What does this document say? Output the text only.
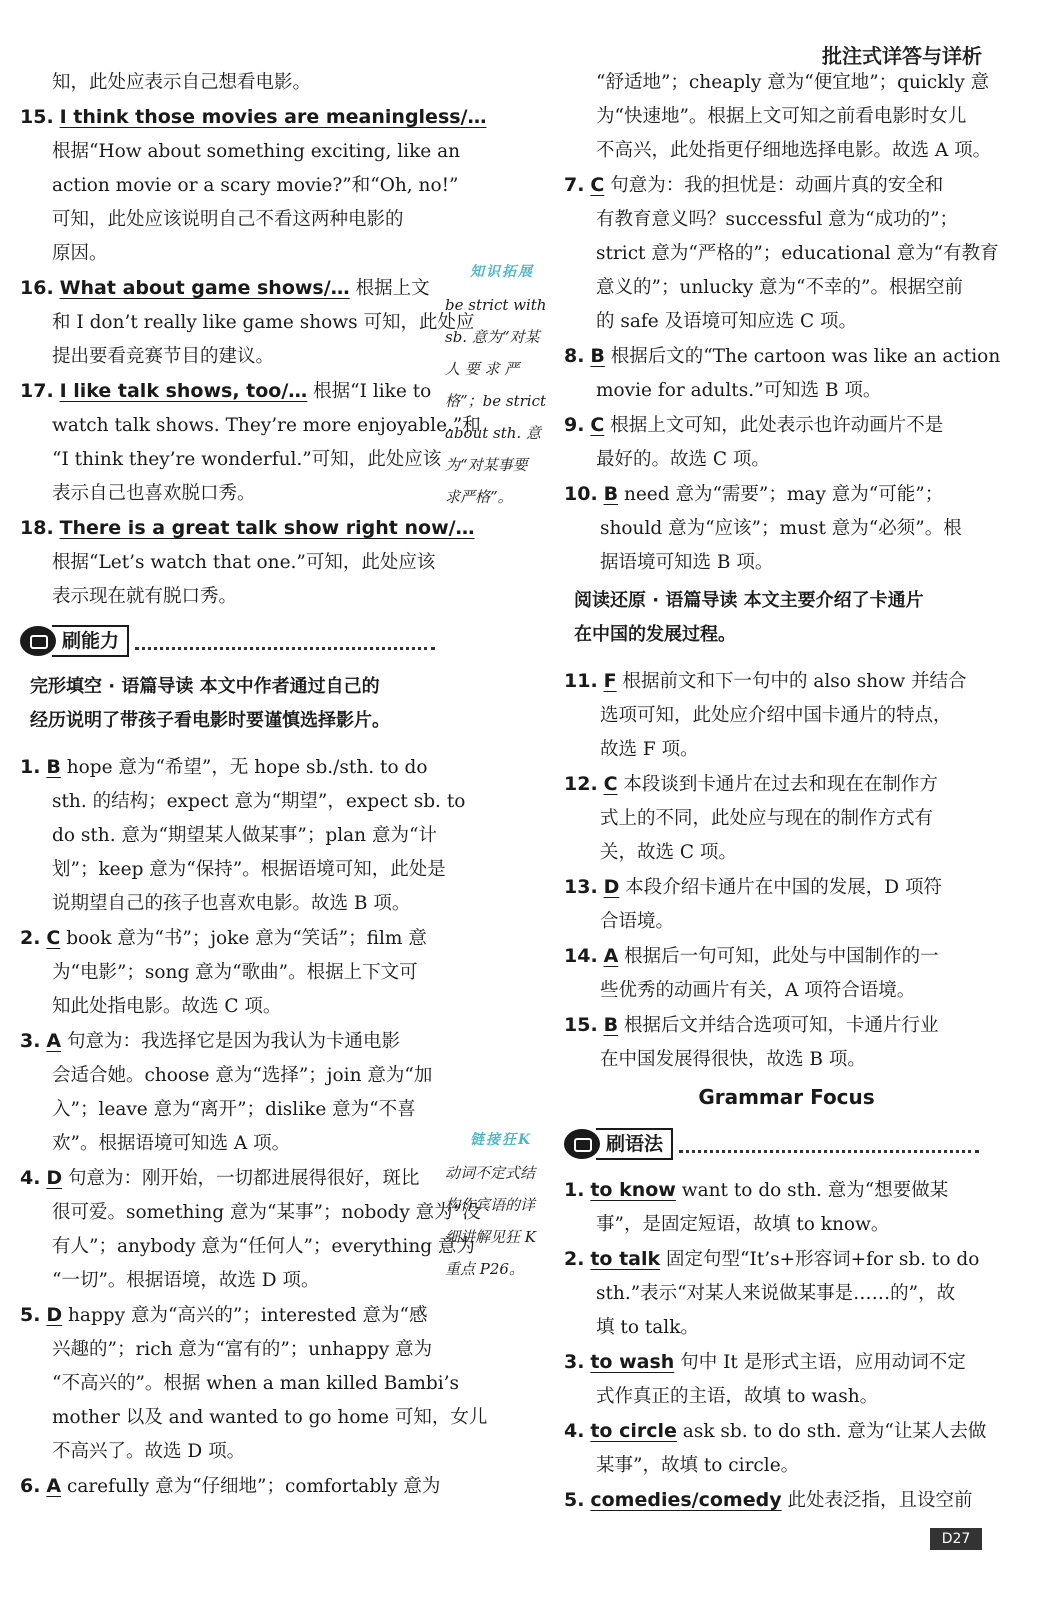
批注式详答与详析
知，此处应表示自己想看电影。
15. I think those movies are meaningless/…
根据“How about something exciting, like an
action movie or a scary movie?”和“Oh, no!”
可知，此处应该说明自己不看这两种电影的
原因。
16. What about game shows/… 根据上文
和 I don’t really like game shows 可知，此处应
提出要看竞赛节目的建议。
17. I like talk shows, too/… 根据“I like to
watch talk shows. They’re more enjoyable.”和
“I think they’re wonderful.”可知，此处应该
表示自己也喜欢脱口秀。
18. There is a great talk show right now/…
根据“Let’s watch that one.”可知，此处应该
表示现在就有脱口秀。
刷能力
完形填空 · 语篇导读 本文中作者通过自己的
经历说明了带孩子看电影时要谨慎选择影片。
1. B hope 意为“希望”，无 hope sb./sth. to do
sth. 的结构；expect 意为“期望”，expect sb. to
do sth. 意为“期望某人做某事”；plan 意为“计
划”；keep 意为“保持”。根据语境可知，此处是
说期望自己的孩子也喜欢电影。故选 B 项。
2. C book 意为“书”；joke 意为“笑话”；film 意
为“电影”；song 意为“歌曲”。根据上下文可
知此处指电影。故选 C 项。
3. A 句意为：我选择它是因为我认为卡通电影
会适合她。choose 意为“选择”；join 意为“加
入”；leave 意为“离开”；dislike 意为“不喜
欢”。根据语境可知选 A 项。
4. D 句意为：刚开始，一切都进展得很好，斑比
很可爱。something 意为“某事”；nobody 意为“没
有人”；anybody 意为“任何人”；everything 意为
“一切”。根据语境，故选 D 项。
5. D happy 意为“高兴的”；interested 意为“感
兴趣的”；rich 意为“富有的”；unhappy 意为
“不高兴的”。根据 when a man killed Bambi’s
mother 以及 and wanted to go home 可知，女儿
不高兴了。故选 D 项。
6. A carefully 意为“仔细地”；comfortably 意为
知识拓展
be strict with
sb. 意为“对某
人 要 求 严
格”；be strict
about sth. 意
为“对某事要
求严格”。
链接狂K
动词不定式结
构作宾语的详
细讲解见狂 K
重点 P26。
“舒适地”；cheaply 意为“便宜地”；quickly 意
为“快速地”。根据上文可知之前看电影时女儿
不高兴，此处指更仔细地选择电影。故选 A 项。
7. C 句意为：我的担忧是：动画片真的安全和
有教育意义吗？successful 意为“成功的”；
strict 意为“严格的”；educational 意为“有教育
意义的”；unlucky 意为“不幸的”。根据空前
的 safe 及语境可知应选 C 项。
8. B 根据后文的“The cartoon was like an action
movie for adults.”可知选 B 项。
9. C 根据上文可知，此处表示也许动画片不是
最好的。故选 C 项。
10. B need 意为“需要”；may 意为“可能”；
should 意为“应该”；must 意为“必须”。根
据语境可知选 B 项。
阅读还原 · 语篇导读 本文主要介绍了卡通片
在中国的发展过程。
11. F 根据前文和下一句中的 also show 并结合
选项可知，此处应介绍中国卡通片的特点，
故选 F 项。
12. C 本段谈到卡通片在过去和现在在制作方
式上的不同，此处应与现在的制作方式有
关，故选 C 项。
13. D 本段介绍卡通片在中国的发展，D 项符
合语境。
14. A 根据后一句可知，此处与中国制作的一
些优秀的动画片有关，A 项符合语境。
15. B 根据后文并结合选项可知，卡通片行业
在中国发展得很快，故选 B 项。
Grammar Focus
刷语法
1. to know want to do sth. 意为“想要做某
事”，是固定短语，故填 to know。
2. to talk 固定句型“It’s+形容词+for sb. to do
sth.”表示“对某人来说做某事是……的”，故
填 to talk。
3. to wash 句中 It 是形式主语，应用动词不定
式作真正的主语，故填 to wash。
4. to circle ask sb. to do sth. 意为“让某人去做
某事”，故填 to circle。
5. comedies/comedy 此处表泛指，且设空前
D27
